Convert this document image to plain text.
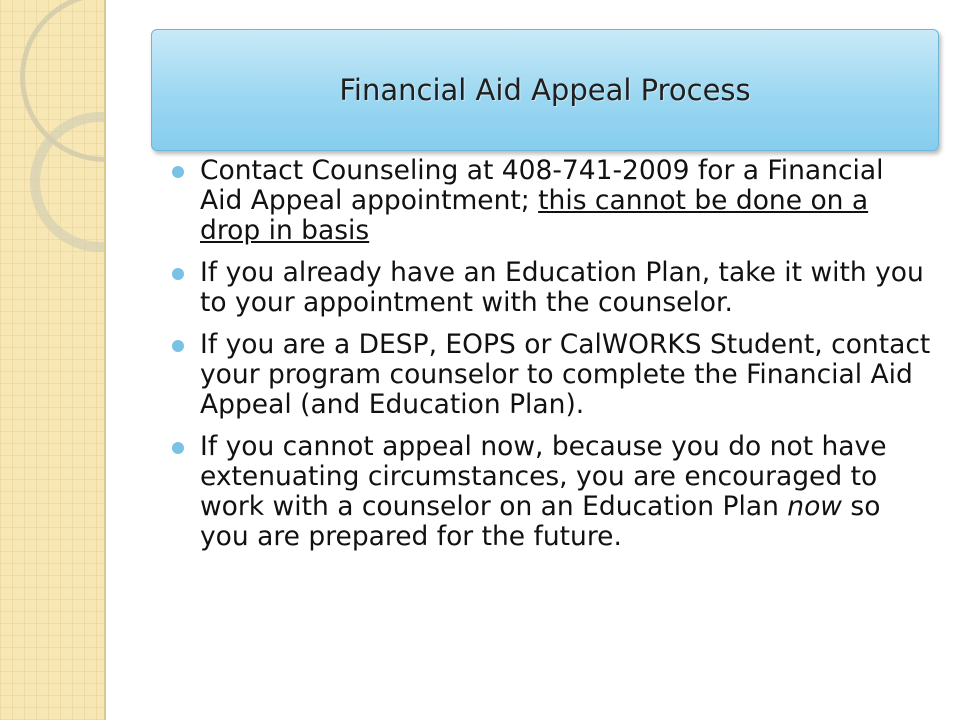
Financial Aid Appeal Process
Contact Counseling at 408-741-2009 for a Financial Aid Appeal appointment; this cannot be done on a drop in basis
If you already have an Education Plan, take it with you to your appointment with the counselor.
If you are a DESP, EOPS or CalWORKS Student, contact your program counselor to complete the Financial Aid Appeal (and Education Plan).
If you cannot appeal now, because you do not have extenuating circumstances, you are encouraged to work with a counselor on an Education Plan now so you are prepared for the future.
